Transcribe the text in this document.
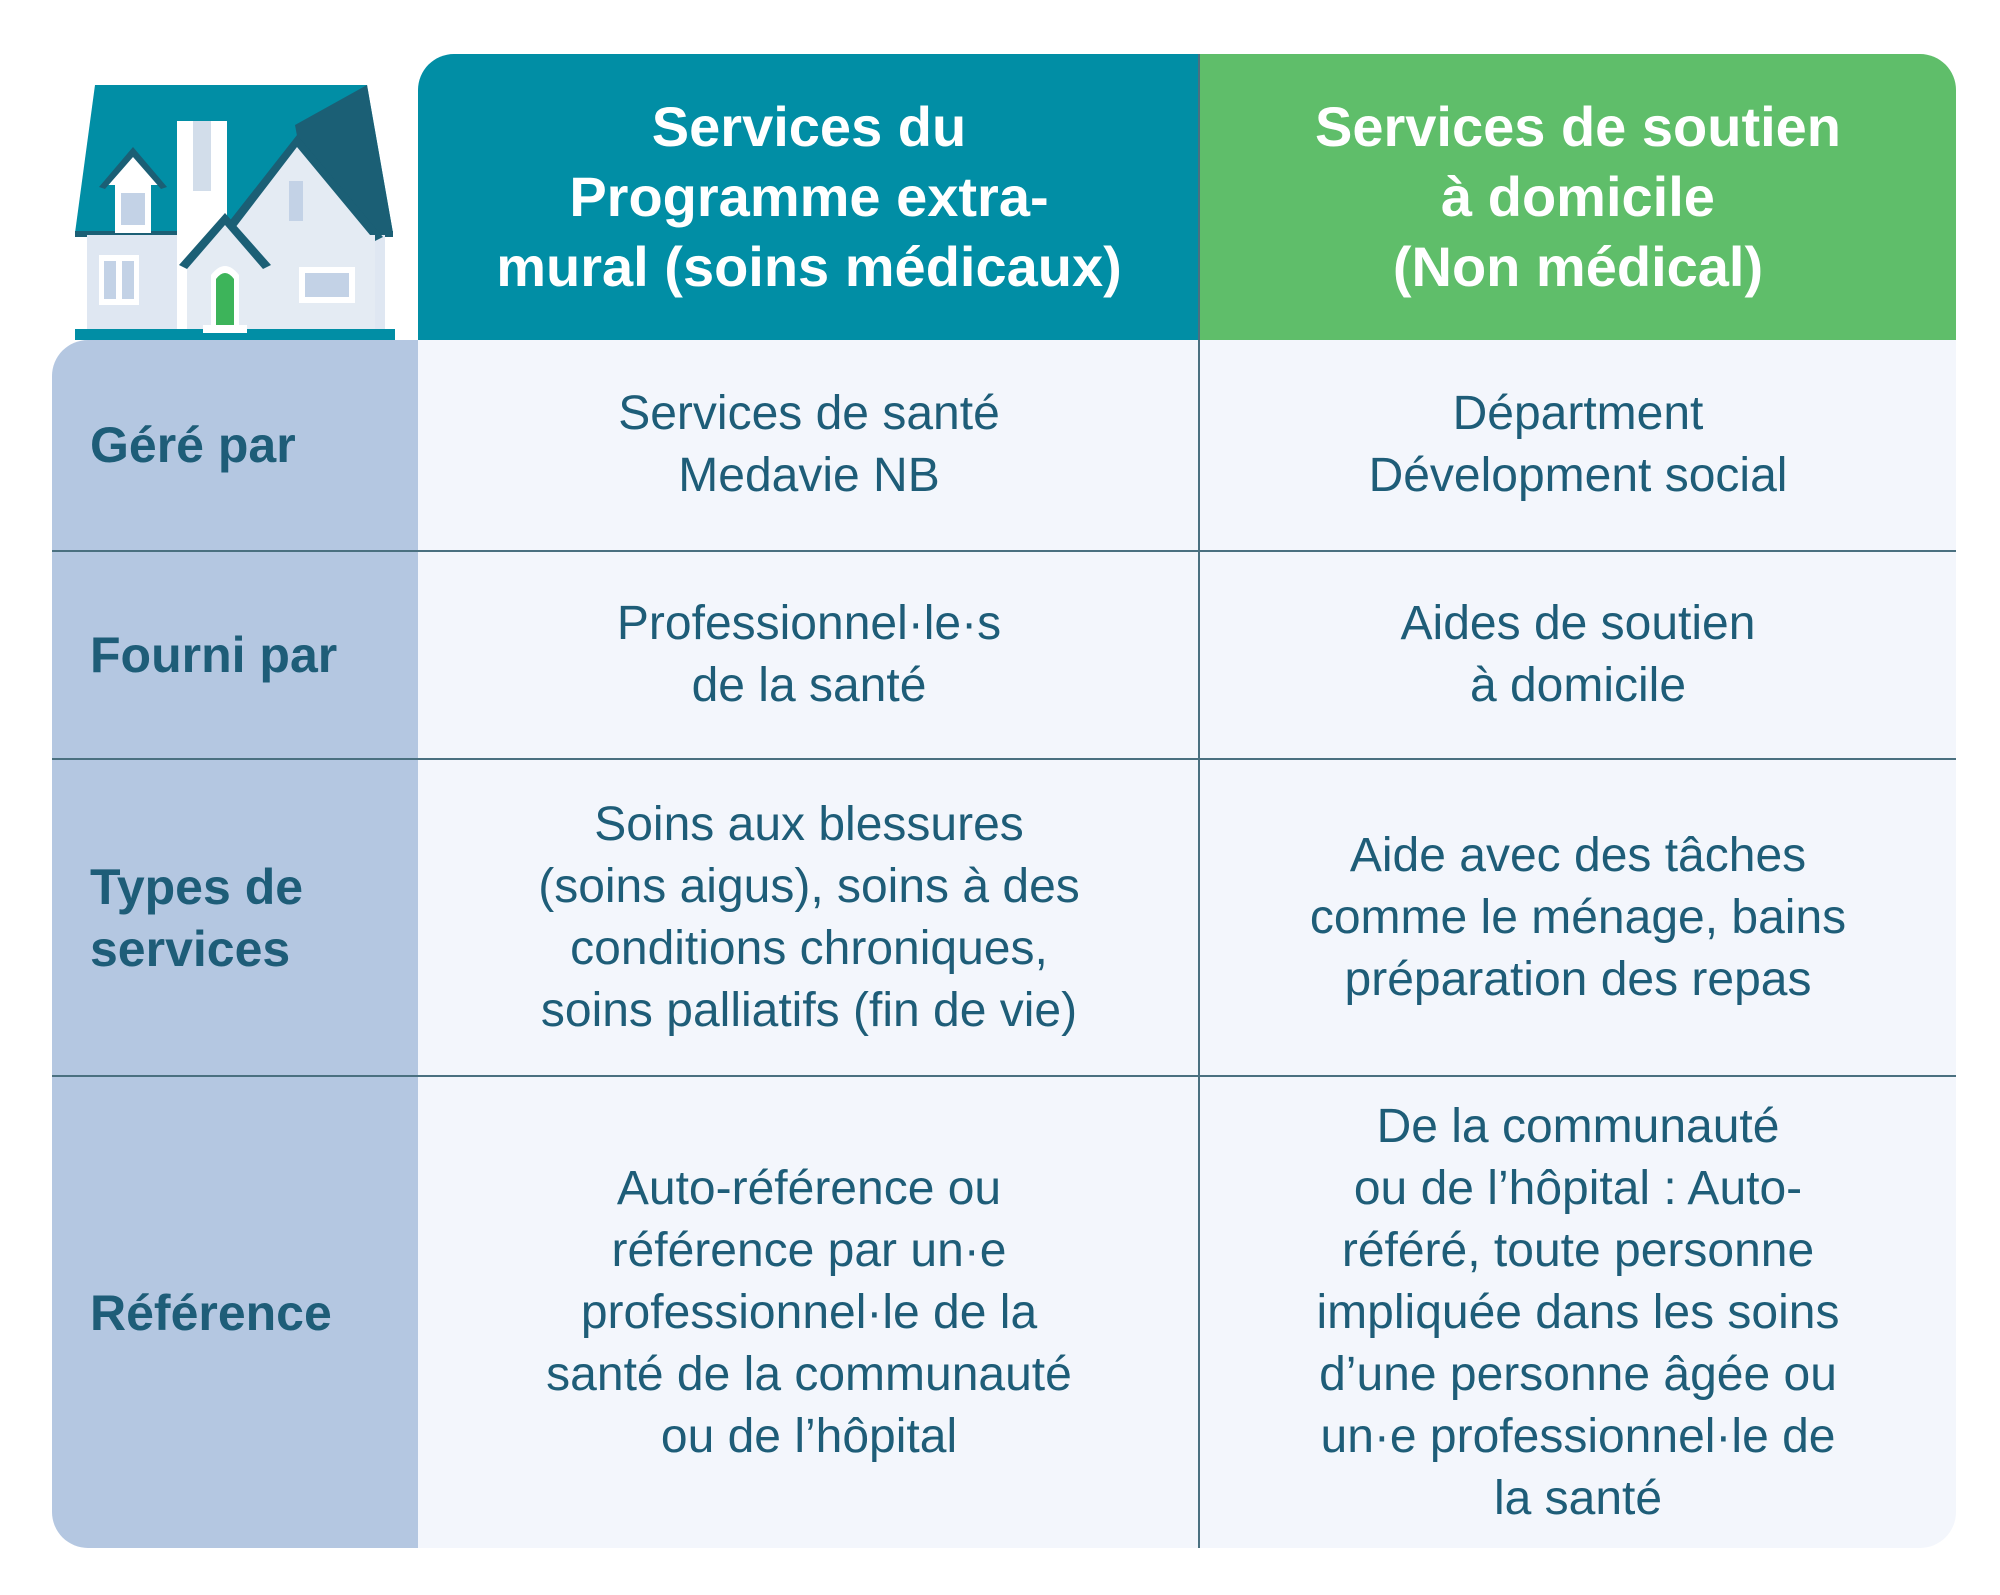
Services du
Programme extra-
mural (soins médicaux)
Services de soutien
à domicile
(Non médical)
Géré par
Services de santé
Medavie NB
Départment
Dévelopment social
Fourni par
Professionnel·le·s
de la santé
Aides de soutien
à domicile
Types de
services
Soins aux blessures
(soins aigus), soins à des
conditions chroniques,
soins palliatifs (fin de vie)
Aide avec des tâches
comme le ménage, bains
préparation des repas
Référence
Auto-référence ou
référence par un·e
professionnel·le de la
santé de la communauté
ou de l’hôpital
De la communauté
ou de l’hôpital : Auto-
référé, toute personne
impliquée dans les soins
d’une personne âgée ou
un·e professionnel·le de
la santé
